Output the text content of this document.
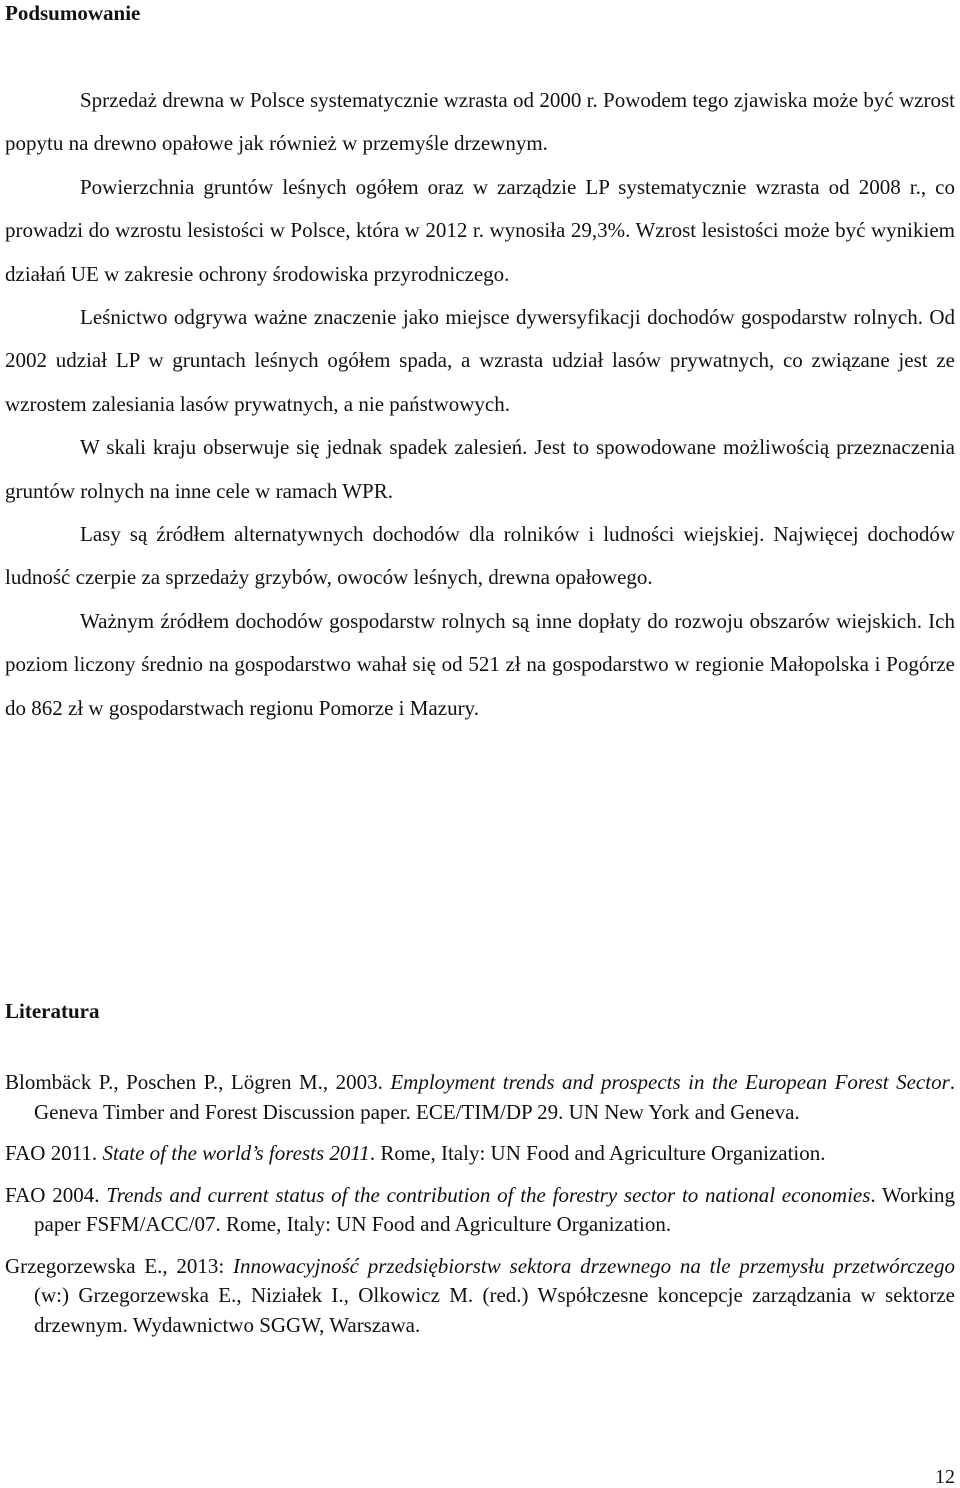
Podsumowanie

Sprzedaż drewna w Polsce systematycznie wzrasta od 2000 r. Powodem tego zjawiska może być wzrost popytu na drewno opałowe jak również w przemyśle drzewnym.

Powierzchnia gruntów leśnych ogółem oraz w zarządzie LP systematycznie wzrasta od 2008 r., co prowadzi do wzrostu lesistości w Polsce, która w 2012 r. wynosiła 29,3%. Wzrost lesistości może być wynikiem działań UE w zakresie ochrony środowiska przyrodniczego.

Leśnictwo odgrywa ważne znaczenie jako miejsce dywersyfikacji dochodów gospodarstw rolnych. Od 2002 udział LP w gruntach leśnych ogółem spada, a wzrasta udział lasów prywatnych, co związane jest ze wzrostem zalesiania lasów prywatnych, a nie państwowych.

W skali kraju obserwuje się jednak spadek zalesień. Jest to spowodowane możliwością przeznaczenia gruntów rolnych na inne cele w ramach WPR.

Lasy są źródłem alternatywnych dochodów dla rolników i ludności wiejskiej. Najwięcej dochodów ludność czerpie za sprzedaży grzybów, owoców leśnych, drewna opałowego.

Ważnym źródłem dochodów gospodarstw rolnych są inne dopłaty do rozwoju obszarów wiejskich. Ich poziom liczony średnio na gospodarstwo wahał się od 521 zł na gospodarstwo w regionie Małopolska i Pogórze do 862 zł w gospodarstwach regionu Pomorze i Mazury.

Literatura

Blombäck P., Poschen P., Lögren M., 2003. Employment trends and prospects in the European Forest Sector. Geneva Timber and Forest Discussion paper. ECE/TIM/DP 29. UN New York and Geneva.

FAO 2011. State of the world’s forests 2011. Rome, Italy: UN Food and Agriculture Organization.

FAO 2004. Trends and current status of the contribution of the forestry sector to national economies. Working paper FSFM/ACC/07. Rome, Italy: UN Food and Agriculture Organization.

Grzegorzewska E., 2013: Innowacyjność przedsiębiorstw sektora drzewnego na tle przemysłu przetwórczego (w:) Grzegorzewska E., Niziałek I., Olkowicz M. (red.) Współczesne koncepcje zarządzania w sektorze drzewnym. Wydawnictwo SGGW, Warszawa.

12
